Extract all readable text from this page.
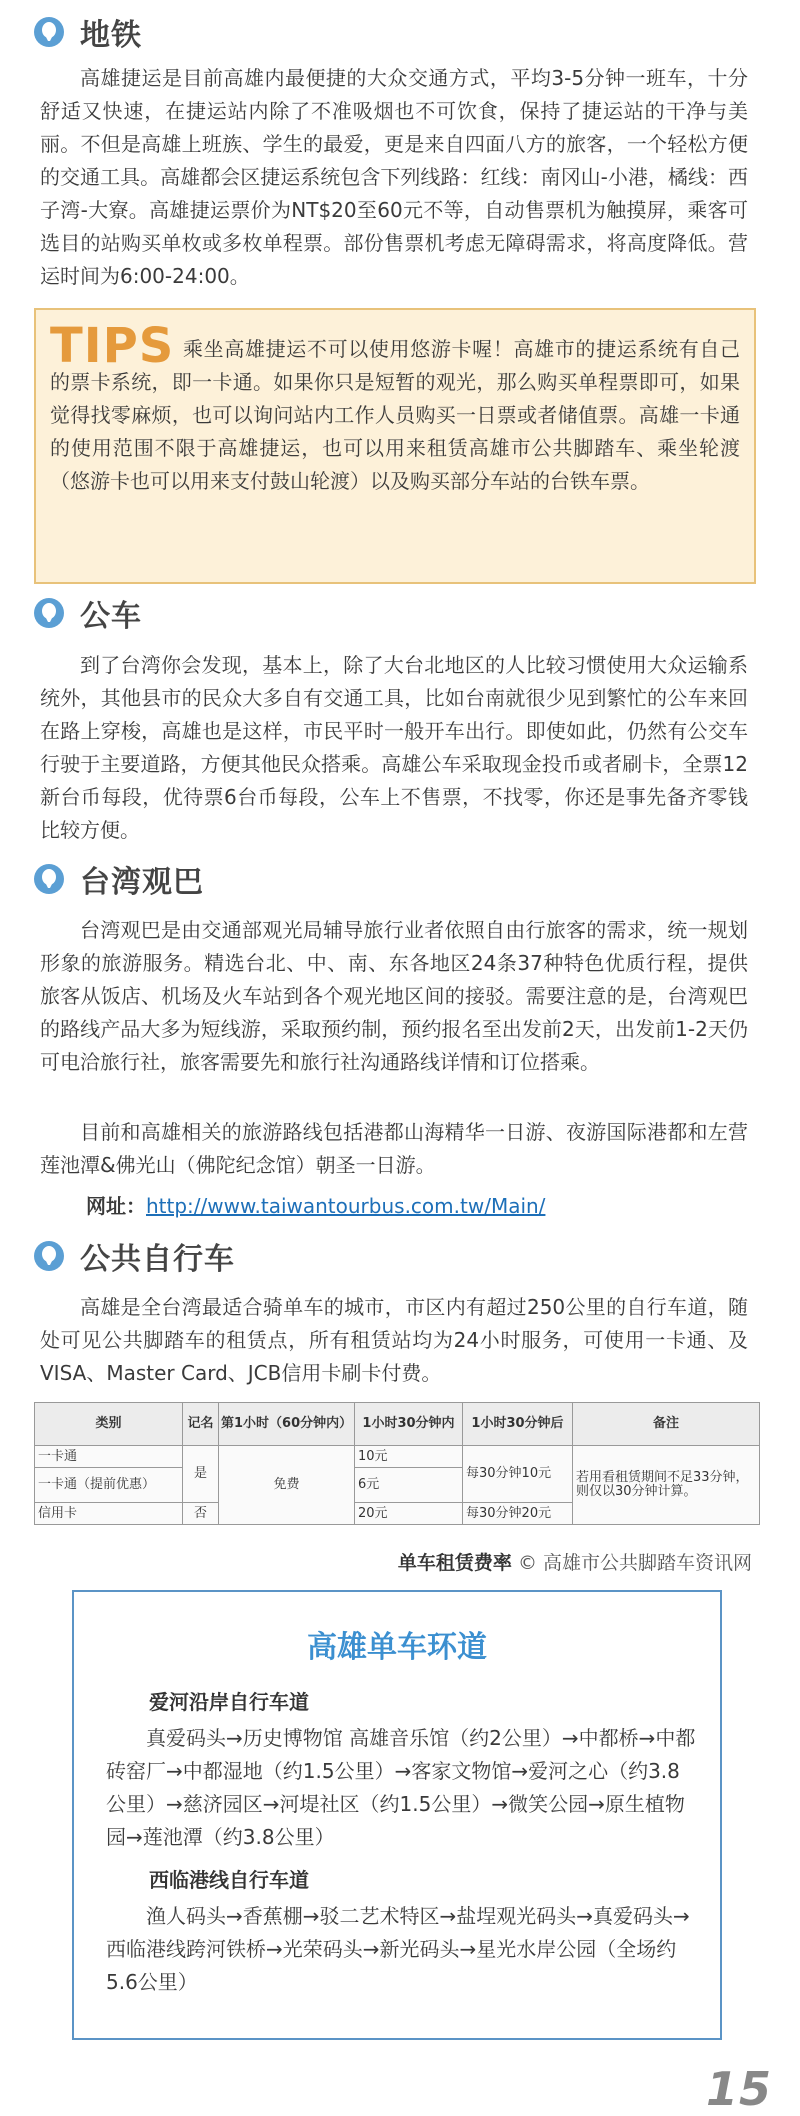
地铁

高雄捷运是目前高雄内最便捷的大众交通方式，平均3-5分钟一班车，十分舒适又快速，在捷运站内除了不准吸烟也不可饮食，保持了捷运站的干净与美丽。不但是高雄上班族、学生的最爱，更是来自四面八方的旅客，一个轻松方便的交通工具。高雄都会区捷运系统包含下列线路：红线：南冈山-小港，橘线：西子湾-大寮。高雄捷运票价为NT$20至60元不等，自动售票机为触摸屏，乘客可选目的站购买单枚或多枚单程票。部份售票机考虑无障碍需求，将高度降低。营运时间为6:00-24:00。

TIPS 乘坐高雄捷运不可以使用悠游卡喔！高雄市的捷运系统有自己的票卡系统，即一卡通。如果你只是短暂的观光，那么购买单程票即可，如果觉得找零麻烦，也可以询问站内工作人员购买一日票或者储值票。高雄一卡通的使用范围不限于高雄捷运，也可以用来租赁高雄市公共脚踏车、乘坐轮渡（悠游卡也可以用来支付鼓山轮渡）以及购买部分车站的台铁车票。

公车

到了台湾你会发现，基本上，除了大台北地区的人比较习惯使用大众运输系统外，其他县市的民众大多自有交通工具，比如台南就很少见到繁忙的公车来回在路上穿梭，高雄也是这样，市民平时一般开车出行。即使如此，仍然有公交车行驶于主要道路，方便其他民众搭乘。高雄公车采取现金投币或者刷卡，全票12新台币每段，优待票6台币每段，公车上不售票，不找零，你还是事先备齐零钱比较方便。

台湾观巴

台湾观巴是由交通部观光局辅导旅行业者依照自由行旅客的需求，统一规划形象的旅游服务。精选台北、中、南、东各地区24条37种特色优质行程，提供旅客从饭店、机场及火车站到各个观光地区间的接驳。需要注意的是，台湾观巴的路线产品大多为短线游，采取预约制，预约报名至出发前2天，出发前1-2天仍可电洽旅行社，旅客需要先和旅行社沟通路线详情和订位搭乘。

目前和高雄相关的旅游路线包括港都山海精华一日游、夜游国际港都和左营莲池潭&佛光山（佛陀纪念馆）朝圣一日游。

网址：http://www.taiwantourbus.com.tw/Main/
公共自行车

高雄是全台湾最适合骑单车的城市，市区内有超过250公里的自行车道，随处可见公共脚踏车的租赁点，所有租赁站均为24小时服务，可使用一卡通、及VISA、Master Card、JCB信用卡刷卡付费。

类别	记名	第1小时（60分钟内）	1小时30分钟内	1小时30分钟后	备注
一卡通	是	免费	10元	每30分钟10元	若用看租赁期间不足33分钟，则仅以30分钟计算。
一卡通（提前优惠）			6元		
信用卡	否		20元	每30分钟20元	
单车租赁费率 © 高雄市公共脚踏车资讯网
高雄单车环道
爱河沿岸自行车道

真爱码头→历史博物馆 高雄音乐馆（约2公里）→中都桥→中都砖窑厂→中都湿地（约1.5公里）→客家文物馆→爱河之心（约3.8公里）→慈济园区→河堤社区（约1.5公里）→微笑公园→原生植物园→莲池潭（约3.8公里）

西临港线自行车道

渔人码头→香蕉棚→驳二艺术特区→盐埕观光码头→真爱码头→西临港线跨河铁桥→光荣码头→新光码头→星光水岸公园（全场约5.6公里）

15
